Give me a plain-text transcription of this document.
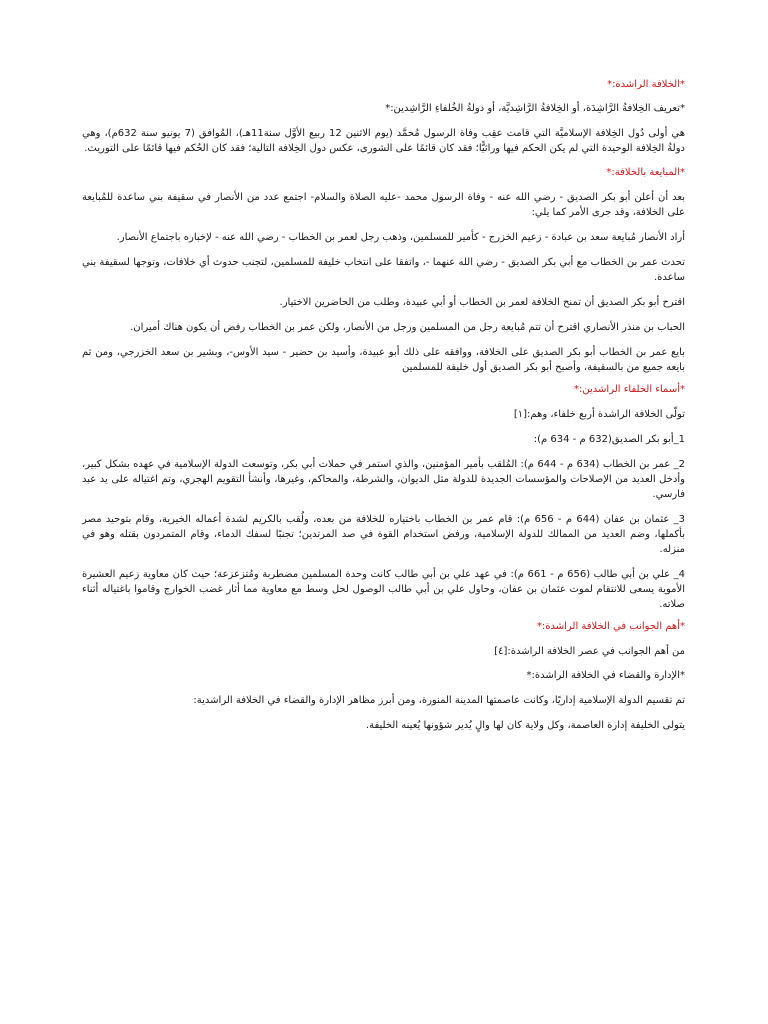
*الخلافة الراشدة:*

*تعريف الخِلافةُ الرَّاشِدَة، أو الخِلافةُ الرَّاشِديَّة، أو دولةُ الخُلفاءِ الرَّاشِدين:*

هي أولى دُول الخِلافة الإسلاميَّة التي قامت عقِب وفاة الرسول مُحمَّد (يوم الاثنين 12 ربيع الأوَّل سنة11هـ)، المُوافق (7 يونيو سنة 632م)، وهي دولةُ الخِلافة الوحيدة التي لم يكن الحكم فيها وراثيًّا؛ فقد كان قائمًا على الشورى، عكس دول الخِلافة التالية؛ فقد كان الحُكم فيها قائمًا على التوريث.

*المبايعة بالخلافة:*

بعد أن أعلن أبو بكر الصديق - رضي الله عنه - وفاة الرسول محمد -عليه الصلاة والسلام- اجتمع عدد من الأنصار في سقيفة بني ساعدة للمُبايعة على الخلافة، وقد جرى الأمر كما يلي:

أراد الأنصار مُبايعة سعد بن عبادة - زعيم الخزرج - كأمير للمسلمين، وذهب رجل لعمر بن الخطاب - رضي الله عنه - لإخباره باجتماع الأنصار.

تحدث عمر بن الخطاب مع أبي بكر الصديق - رضي الله عنهما -، واتفقا على انتخاب خليفة للمسلمين، لتجنب حدوث أي خلافات، وتوجها لسقيفة بني ساعدة.

اقترح أبو بكر الصديق أن تمنح الخلافة لعمر بن الخطاب أو أبي عبيدة، وطلب من الحاضرين الاختيار.

الحباب بن منذر الأنصاري اقترح أن تتم مُبايعة رجل من المسلمين ورجل من الأنصار، ولكن عمر بن الخطاب رفض أن يكون هناك أميران.

بايع عمر بن الخطاب أبو بكر الصديق على الخلافة، ووافقه على ذلك أبو عبيدة، وأسيد بن حضير - سيد الأوس-، وبشير بن سعد الخزرجي، ومن ثم بايعه جميع من بالسقيفة، وأصبح أبو بكر الصديق أول خليفة للمسلمين

*أسماء الخلفاء الراشدين:*

تولّى الخلافة الراشدة أربع خلفاء، وهم:[١]

1_أبو بكر الصديق(632 م - 634 م):

2_ عمر بن الخطاب (634 م - 644 م): المُلقب بأمير المؤمنين، والذي استمر في حملات أبي بكر، وتوسعت الدولة الإسلامية في عهده بشكل كبير، وأدخل العديد من الإصلاحات والمؤسسات الجديدة للدولة مثل الديوان، والشرطة، والمحاكم، وغيرها، وأنشأ التقويم الهجري، وتم اغتياله على يد عبد فارسي.

3_ عثمان بن عفان (644 م - 656 م): قام عمر بن الخطاب باختياره للخلافة من بعده، ولُقب بالكريم لشدة أعماله الخيرية، وقام بتوحيد مصر بأكملها، وضم العديد من الممالك للدولة الإسلامية، ورفض استخدام القوة في صد المرتدين؛ تجنبًا لسفك الدماء، وقام المتمردون بقتله وهو في منزله.

4_ علي بن أبي طالب (656 م - 661 م): في عهد علي بن أبي طالب كانت وحدة المسلمين مضطربة ومُتزعزعة؛ حيث كان معاوية زعيم العشيرة الأموية يسعى للانتقام لموت عثمان بن عفان، وحاول علي بن أبي طالب الوصول لحل وسط مع معاوية مما أثار غضب الخوارج وقاموا باغتياله أثناء صلاته.

*أهم الجوانب في الخلافة الراشدة:*

من أهم الجوانب في عصر الخلافة الراشدة:[٤]

*الإدارة والقضاء في الخلافة الراشدة:*

تم تقسيم الدولة الإسلامية إداريًا، وكانت عاصمتها المدينة المنورة، ومن أبرز مظاهر الإدارة والقضاء في الخلافة الراشدية:

يتولى الخليفة إدارة العاصمة، وكل ولاية كان لها والٍ يُدير شؤونها يُعينه الخليفة.
